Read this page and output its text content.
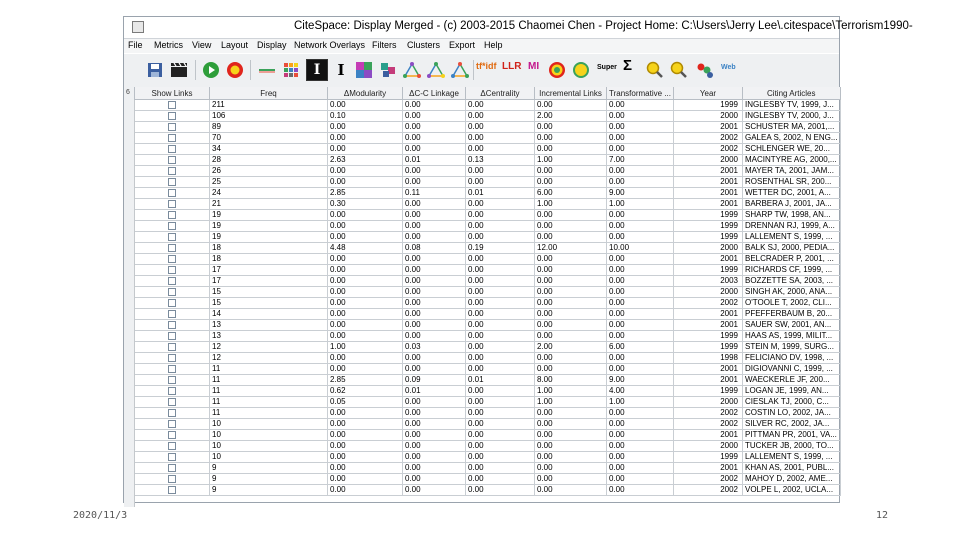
CiteSpace: Display Merged - (c) 2003-2015 Chaomei Chen - Project Home: C:\Users\Jerry Lee\.citespace\Terrorism1990-
File Metrics View Layout Display Network Overlays Filters Clusters Export Help
I I	tf*idf LLR MI	Super Σ	Web
6	Show Links	Freq	ΔModularity	ΔC-C Linkage	ΔCentrality	Incremental Links	Transformative ...	Year	Citing Articles
	211	0.00	0.00	0.00	0.00	0.00	1999	INGLESBY TV, 1999, J...
	106	0.10	0.00	0.00	2.00	0.00	2000	INGLESBY TV, 2000, J...
	89	0.00	0.00	0.00	0.00	0.00	2001	SCHUSTER MA, 2001,...
	70	0.00	0.00	0.00	0.00	0.00	2002	GALEA S, 2002, N ENG...
	34	0.00	0.00	0.00	0.00	0.00	2002	SCHLENGER WE, 20...
	28	2.63	0.01	0.13	1.00	7.00	2000	MACINTYRE AG, 2000,...
	26	0.00	0.00	0.00	0.00	0.00	2001	MAYER TA, 2001, JAM...
	25	0.00	0.00	0.00	0.00	0.00	2001	ROSENTHAL SR, 200...
	24	2.85	0.11	0.01	6.00	9.00	2001	WETTER DC, 2001, A...
	21	0.30	0.00	0.00	1.00	1.00	2001	BARBERA J, 2001, JA...
	19	0.00	0.00	0.00	0.00	0.00	1999	SHARP TW, 1998, AN...
	19	0.00	0.00	0.00	0.00	0.00	1999	DRENNAN RJ, 1999, A...
	19	0.00	0.00	0.00	0.00	0.00	1999	LALLEMENT S, 1999, ...
	18	4.48	0.08	0.19	12.00	10.00	2000	BALK SJ, 2000, PEDIA...
	18	0.00	0.00	0.00	0.00	0.00	2001	BELCRADER P, 2001, ...
	17	0.00	0.00	0.00	0.00	0.00	1999	RICHARDS CF, 1999, ...
	17	0.00	0.00	0.00	0.00	0.00	2003	BOZZETTE SA, 2003, ...
	15	0.00	0.00	0.00	0.00	0.00	2000	SINGH AK, 2000, ANA...
	15	0.00	0.00	0.00	0.00	0.00	2002	O'TOOLE T, 2002, CLI...
	14	0.00	0.00	0.00	0.00	0.00	2001	PFEFFERBAUM B, 20...
	13	0.00	0.00	0.00	0.00	0.00	2001	SAUER SW, 2001, AN...
	13	0.00	0.00	0.00	0.00	0.00	1999	HAAS AS, 1999, MILIT...
	12	1.00	0.03	0.00	2.00	6.00	1999	STEIN M, 1999, SURG...
	12	0.00	0.00	0.00	0.00	0.00	1998	FELICIANO DV, 1998, ...
	11	0.00	0.00	0.00	0.00	0.00	2001	DIGIOVANNI C, 1999, ...
	11	2.85	0.09	0.01	8.00	9.00	2001	WAECKERLE JF, 200...
	11	0.62	0.01	0.00	1.00	4.00	1999	LOGAN JE, 1999, AN...
	11	0.05	0.00	0.00	1.00	1.00	2000	CIESLAK TJ, 2000, C...
	11	0.00	0.00	0.00	0.00	0.00	2002	COSTIN LO, 2002, JA...
	10	0.00	0.00	0.00	0.00	0.00	2002	SILVER RC, 2002, JA...
	10	0.00	0.00	0.00	0.00	0.00	2001	PITTMAN PR, 2001, VA...
	10	0.00	0.00	0.00	0.00	0.00	2000	TUCKER JB, 2000, TO...
	10	0.00	0.00	0.00	0.00	0.00	1999	LALLEMENT S, 1999, ...
	9	0.00	0.00	0.00	0.00	0.00	2001	KHAN AS, 2001, PUBL...
	9	0.00	0.00	0.00	0.00	0.00	2002	MAHOY D, 2002, AME...
	9	0.00	0.00	0.00	0.00	0.00	2002	VOLPE L, 2002, UCLA...
2020/11/3	12
